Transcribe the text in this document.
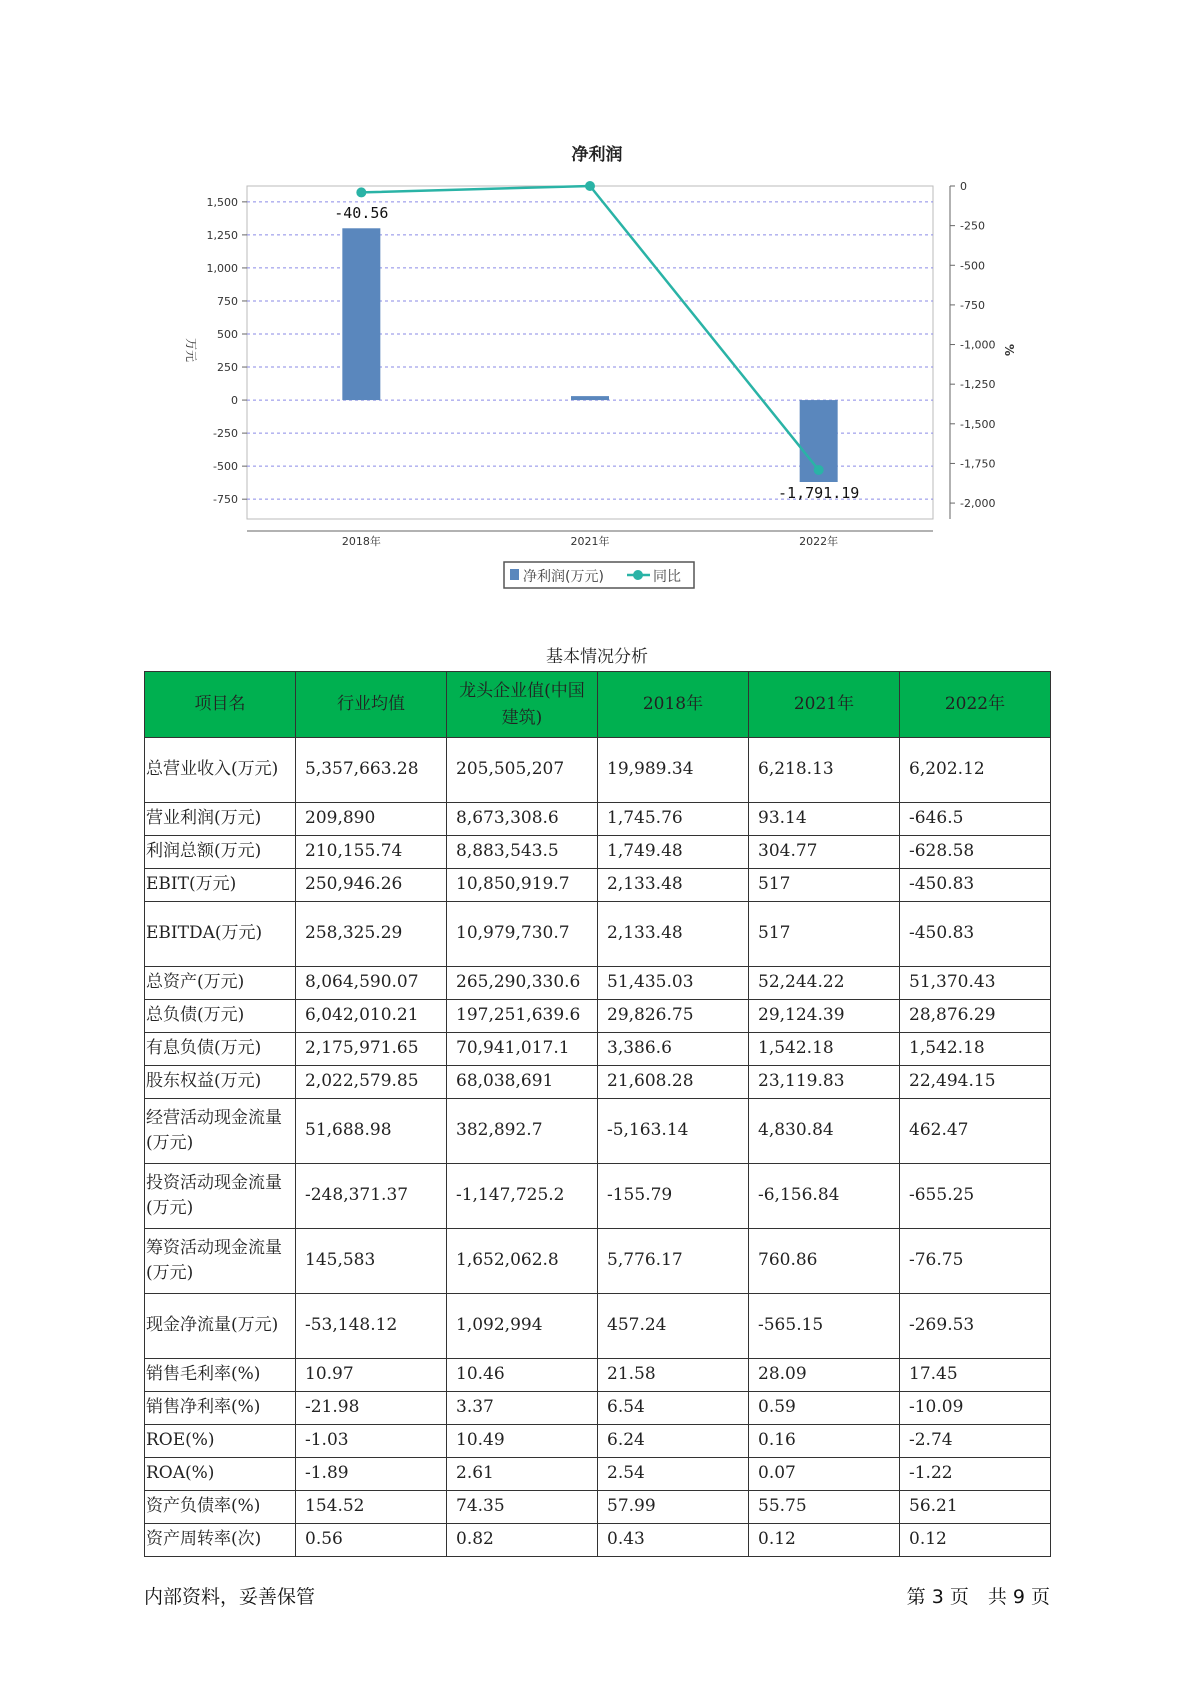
净利润
1,500
1,250
1,000
750
500
250
0
-250
-500
-750
0
-250
-500
-750
-1,000
-1,250
-1,500
-1,750
-2,000
2018年	2021年	2022年
-40.56
-1,791.19
万元	%
净利润(万元)	同比
基本情况分析
项目名	行业均值	龙头企业值(中国建筑)	2018年	2021年	2022年
总营业收入(万元)	5,357,663.28	205,505,207	19,989.34	6,218.13	6,202.12
营业利润(万元)	209,890	8,673,308.6	1,745.76	93.14	-646.5
利润总额(万元)	210,155.74	8,883,543.5	1,749.48	304.77	-628.58
EBIT(万元)	250,946.26	10,850,919.7	2,133.48	517	-450.83
EBITDA(万元)	258,325.29	10,979,730.7	2,133.48	517	-450.83
总资产(万元)	8,064,590.07	265,290,330.6	51,435.03	52,244.22	51,370.43
总负债(万元)	6,042,010.21	197,251,639.6	29,826.75	29,124.39	28,876.29
有息负债(万元)	2,175,971.65	70,941,017.1	3,386.6	1,542.18	1,542.18
股东权益(万元)	2,022,579.85	68,038,691	21,608.28	23,119.83	22,494.15
经营活动现金流量(万元)	51,688.98	382,892.7	-5,163.14	4,830.84	462.47
投资活动现金流量(万元)	-248,371.37	-1,147,725.2	-155.79	-6,156.84	-655.25
筹资活动现金流量(万元)	145,583	1,652,062.8	5,776.17	760.86	-76.75
现金净流量(万元)	-53,148.12	1,092,994	457.24	-565.15	-269.53
销售毛利率(%)	10.97	10.46	21.58	28.09	17.45
销售净利率(%)	-21.98	3.37	6.54	0.59	-10.09
ROE(%)	-1.03	10.49	6.24	0.16	-2.74
ROA(%)	-1.89	2.61	2.54	0.07	-1.22
资产负债率(%)	154.52	74.35	57.99	55.75	56.21
资产周转率(次)	0.56	0.82	0.43	0.12	0.12
内部资料，妥善保管	第 3 页　共 9 页
